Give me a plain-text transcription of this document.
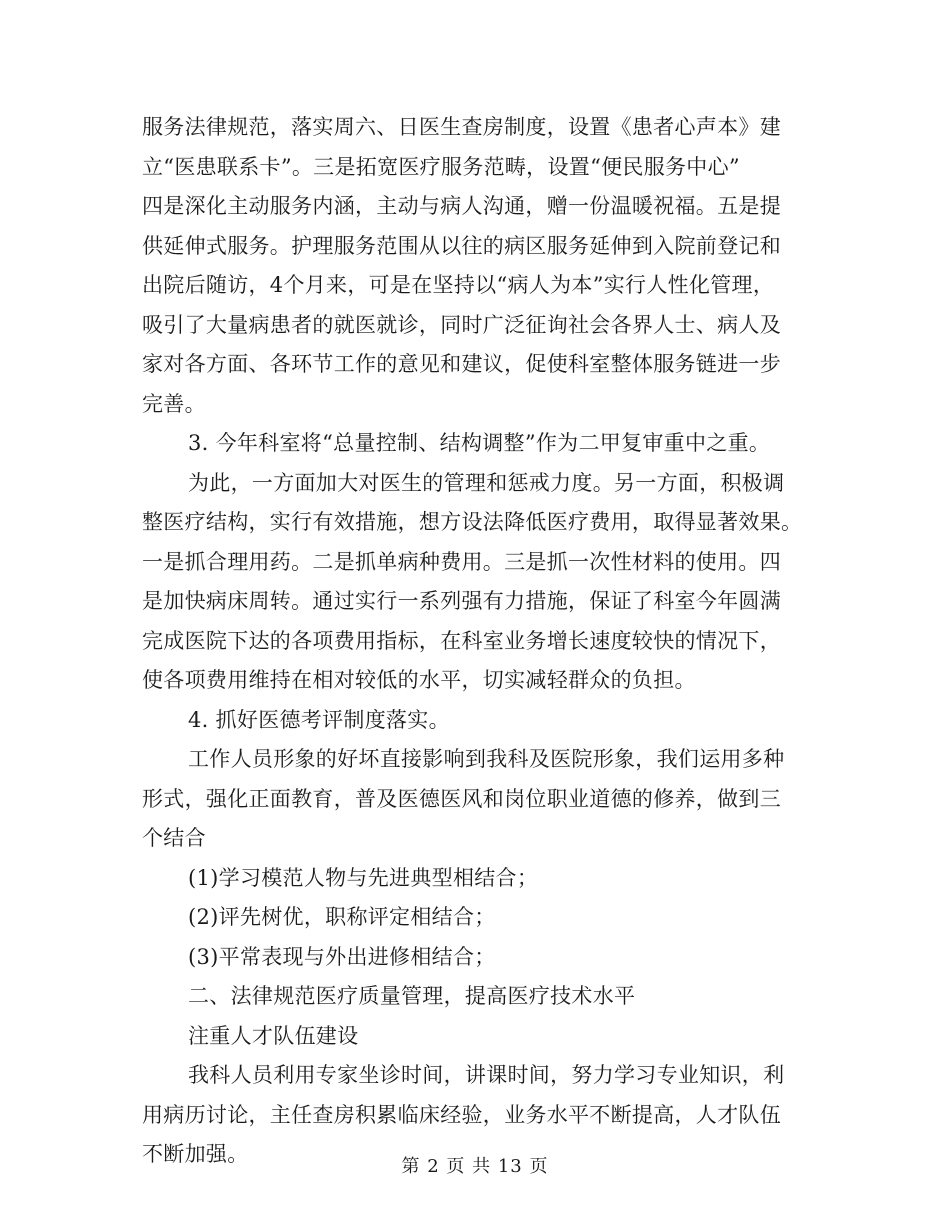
服务法律规范，落实周六、日医生查房制度，设置《患者心声本》建
立“医患联系卡”。三是拓宽医疗服务范畴，设置“便民服务中心”
四是深化主动服务内涵，主动与病人沟通，赠一份温暖祝福。五是提
供延伸式服务。护理服务范围从以往的病区服务延伸到入院前登记和
出院后随访，4个月来，可是在坚持以“病人为本”实行人性化管理，
吸引了大量病患者的就医就诊，同时广泛征询社会各界人士、病人及
家对各方面、各环节工作的意见和建议，促使科室整体服务链进一步
完善。
3. 今年科室将“总量控制、结构调整”作为二甲复审重中之重。
为此，一方面加大对医生的管理和惩戒力度。另一方面，积极调
整医疗结构，实行有效措施，想方设法降低医疗费用，取得显著效果。
一是抓合理用药。二是抓单病种费用。三是抓一次性材料的使用。四
是加快病床周转。通过实行一系列强有力措施，保证了科室今年圆满
完成医院下达的各项费用指标，在科室业务增长速度较快的情况下，
使各项费用维持在相对较低的水平，切实减轻群众的负担。
4. 抓好医德考评制度落实。
工作人员形象的好坏直接影响到我科及医院形象，我们运用多种
形式，强化正面教育，普及医德医风和岗位职业道德的修养，做到三
个结合
(1)学习模范人物与先进典型相结合；
(2)评先树优，职称评定相结合；
(3)平常表现与外出进修相结合；
二、法律规范医疗质量管理，提高医疗技术水平
注重人才队伍建设
我科人员利用专家坐诊时间，讲课时间，努力学习专业知识，利
用病历讨论，主任查房积累临床经验，业务水平不断提高，人才队伍
不断加强。
第 2 页 共 13 页
